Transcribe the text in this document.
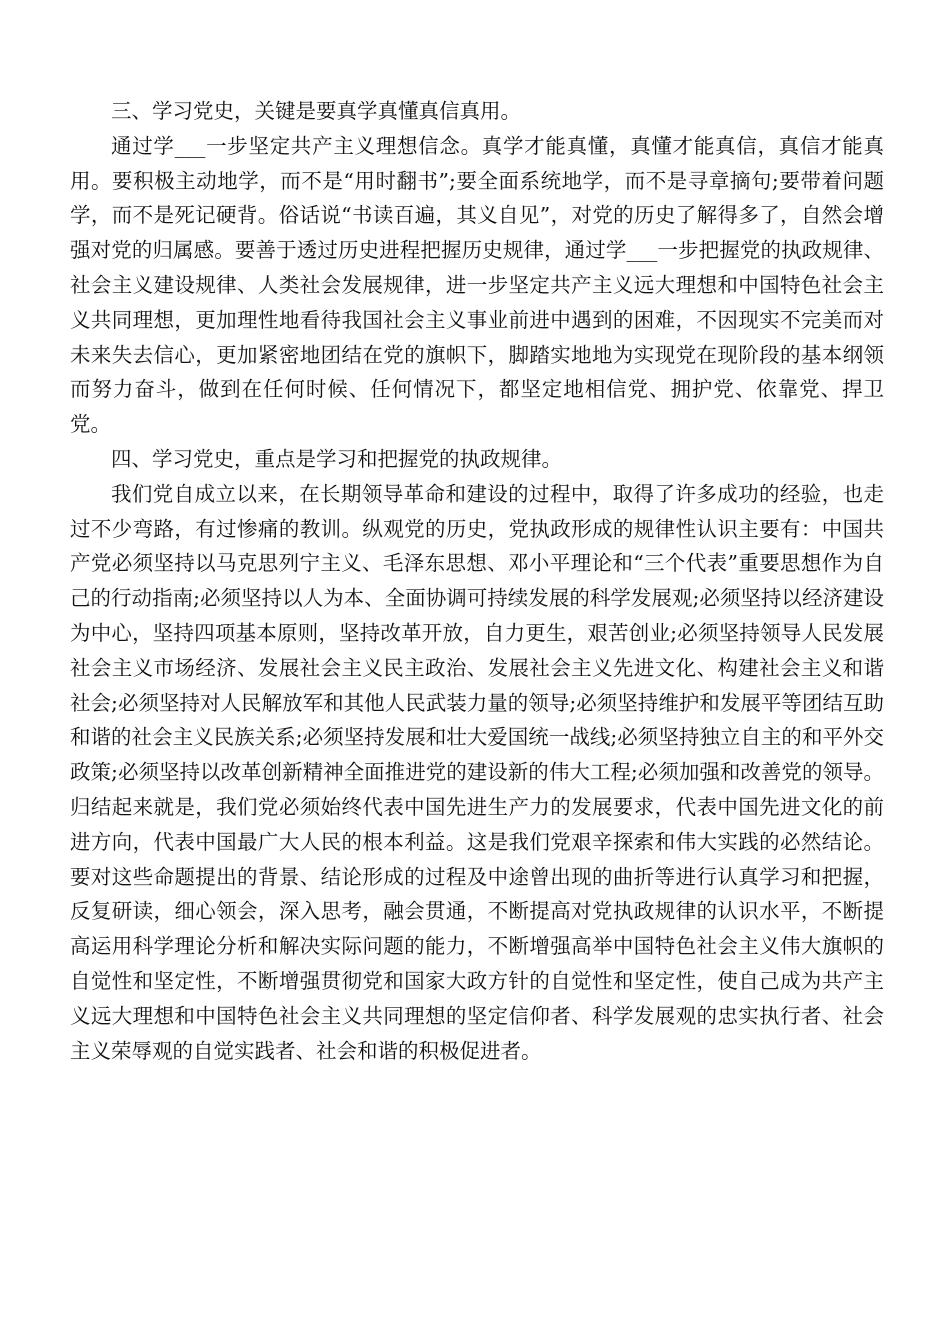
三、学习党史，关键是要真学真懂真信真用。

通过学___一步坚定共产主义理想信念。真学才能真懂，真懂才能真信，真信才能真用。要积极主动地学，而不是“用时翻书”;要全面系统地学，而不是寻章摘句;要带着问题学，而不是死记硬背。俗话说“书读百遍，其义自见”，对党的历史了解得多了，自然会增强对党的归属感。要善于透过历史进程把握历史规律，通过学___一步把握党的执政规律、社会主义建设规律、人类社会发展规律，进一步坚定共产主义远大理想和中国特色社会主义共同理想，更加理性地看待我国社会主义事业前进中遇到的困难，不因现实不完美而对未来失去信心，更加紧密地团结在党的旗帜下，脚踏实地地为实现党在现阶段的基本纲领而努力奋斗，做到在任何时候、任何情况下，都坚定地相信党、拥护党、依靠党、捍卫党。

四、学习党史，重点是学习和把握党的执政规律。

我们党自成立以来，在长期领导革命和建设的过程中，取得了许多成功的经验，也走过不少弯路，有过惨痛的教训。纵观党的历史，党执政形成的规律性认识主要有：中国共产党必须坚持以马克思列宁主义、毛泽东思想、邓小平理论和“三个代表”重要思想作为自己的行动指南;必须坚持以人为本、全面协调可持续发展的科学发展观;必须坚持以经济建设为中心，坚持四项基本原则，坚持改革开放，自力更生，艰苦创业;必须坚持领导人民发展社会主义市场经济、发展社会主义民主政治、发展社会主义先进文化、构建社会主义和谐社会;必须坚持对人民解放军和其他人民武装力量的领导;必须坚持维护和发展平等团结互助和谐的社会主义民族关系;必须坚持发展和壮大爱国统一战线;必须坚持独立自主的和平外交政策;必须坚持以改革创新精神全面推进党的建设新的伟大工程;必须加强和改善党的领导。归结起来就是，我们党必须始终代表中国先进生产力的发展要求，代表中国先进文化的前进方向，代表中国最广大人民的根本利益。这是我们党艰辛探索和伟大实践的必然结论。要对这些命题提出的背景、结论形成的过程及中途曾出现的曲折等进行认真学习和把握，反复研读，细心领会，深入思考，融会贯通，不断提高对党执政规律的认识水平，不断提高运用科学理论分析和解决实际问题的能力，不断增强高举中国特色社会主义伟大旗帜的自觉性和坚定性，不断增强贯彻党和国家大政方针的自觉性和坚定性，使自己成为共产主义远大理想和中国特色社会主义共同理想的坚定信仰者、科学发展观的忠实执行者、社会主义荣辱观的自觉实践者、社会和谐的积极促进者。
